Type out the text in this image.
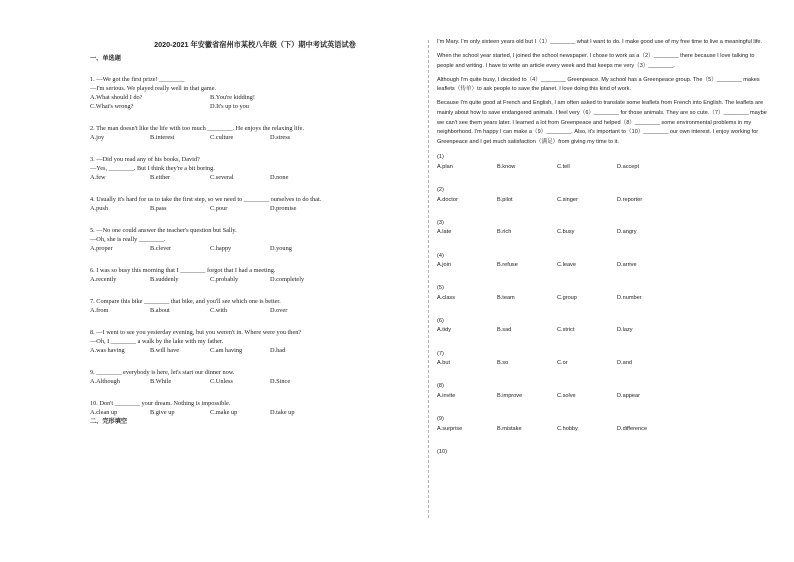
2020-2021 年安徽省宿州市某校八年级（下）期中考试英语试卷
一、单选题
1. —We got the first prize! ________
—I'm serious. We played really well in that game.
A.What should I do?	B.You're kidding!
C.What's wrong?	D.It's up to you
2. The man doesn't like the life with too much ________. He enjoys the relaxing life.
A.joy	B.interest	C.culture	D.stress
3. —Did you read any of his books, David?
—Yes, ________. But I think they're a bit boring.
A.few	B.either	C.several	D.none
4. Usually it's hard for us to take the first step, so we need to ________ ourselves to do that.
A.push	B.pass	C.pour	D.promise
5. —No one could answer the teacher's question but Sally.
—Oh, she is really ________.
A.proper	B.clever	C.happy	D.young
6. I was so busy this morning that I ________ forgot that I had a meeting.
A.recently	B.suddenly	C.probably	D.completely
7. Compare this bike ________ that bike, and you'll see which one is better.
A.from	B.about	C.with	D.over
8. —I went to see you yesterday evening, but you weren't in. Where were you then?
—Oh, I ________ a walk by the lake with my father.
A.was having	B.will have	C.am having	D.had
9. ________ everybody is here, let's start our dinner now.
A.Although	B.While	C.Unless	D.Since
10. Don't ________ your dream. Nothing is impossible.
A.clean up	B.give up	C.make up	D.take up
二、完形填空
I'm Mary. I'm only sixteen years old but I（1）________ what I want to do. I make good use of my free time to live a meaningful life.
When the school year started, I joined the school newspaper. I chose to work as a（2）________ there because I love talking to people and writing. I have to write an article every week and that keeps me very（3）________.
Although I'm quite busy, I decided to（4）________ Greenpeace. My school has a Greenpeace group. The（5）________ makes leaflets（传单）to ask people to save the planet. I love doing this kind of work.
Because I'm quite good at French and English, I am often asked to translate some leaflets from French into English. The leaflets are mainly about how to save endangered animals. I feel very（6）________ for those animals. They are so cute.（7）________ maybe we can't see them years later. I learned a lot from Greenpeace and helped（8）________ some environmental problems in my neighborhood. I'm happy I can make a（9）________. Also, it's important to（10）________ our own interest. I enjoy working for Greenpeace and I get much satisfaction（满足）from giving my time to it.
(1)
A.plan	B.know	C.tell	D.accept
(2)
A.doctor	B.pilot	C.singer	D.reporter
(3)
A.late	B.rich	C.busy	D.angry
(4)
A.join	B.refuse	C.leave	D.arrive
(5)
A.class	B.team	C.group	D.number
(6)
A.tidy	B.sad	C.strict	D.lazy
(7)
A.but	B.so	C.or	D.and
(8)
A.invite	B.improve	C.solve	D.appear
(9)
A.surprise	B.mistake	C.hobby	D.difference
(10)
